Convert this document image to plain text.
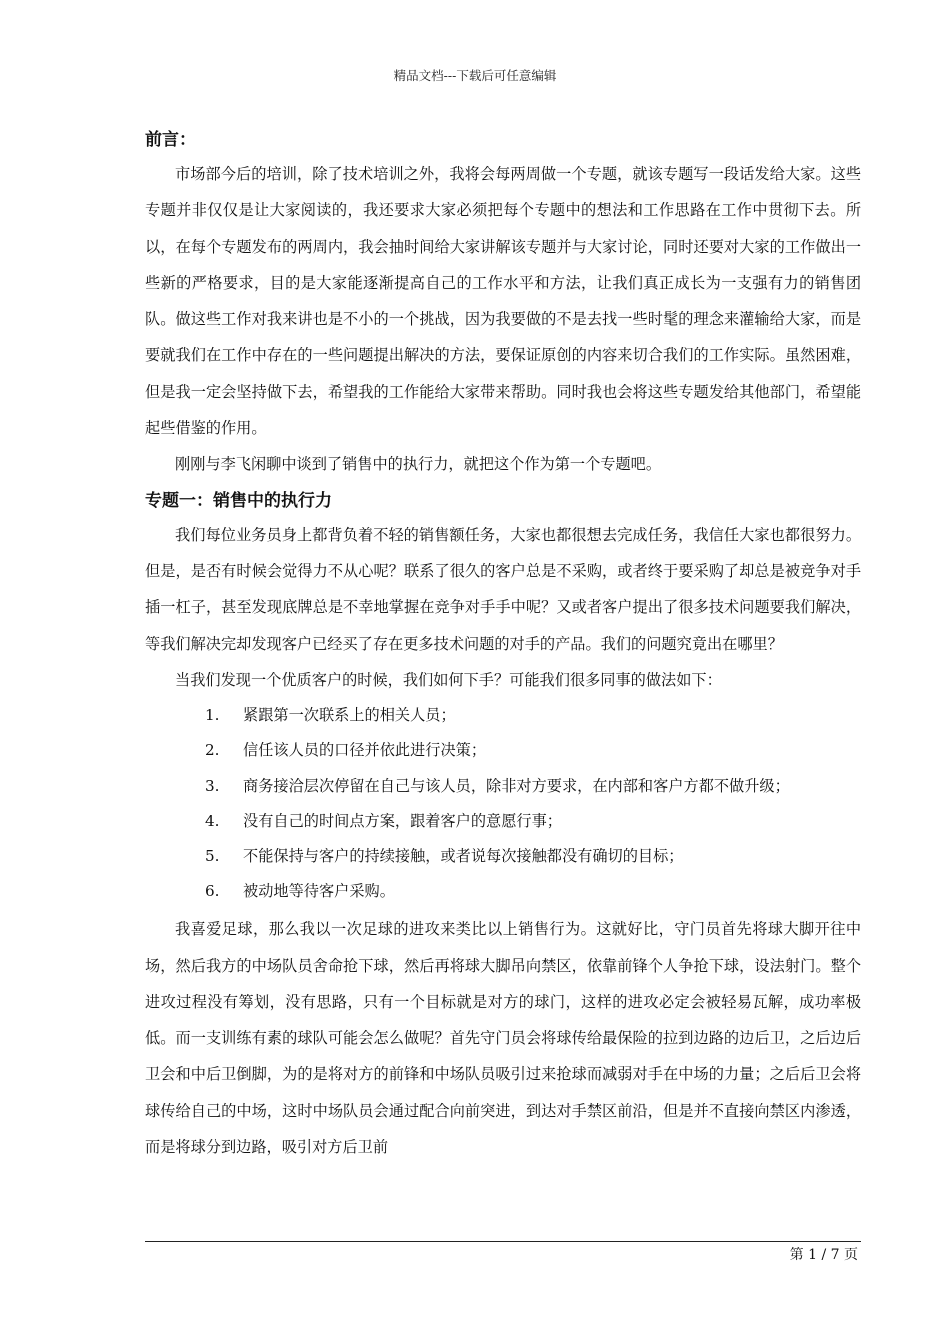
精品文档---下载后可任意编辑
前言：

市场部今后的培训，除了技术培训之外，我将会每两周做一个专题，就该专题写一段话发给大家。这些专题并非仅仅是让大家阅读的，我还要求大家必须把每个专题中的想法和工作思路在工作中贯彻下去。所以，在每个专题发布的两周内，我会抽时间给大家讲解该专题并与大家讨论，同时还要对大家的工作做出一些新的严格要求，目的是大家能逐渐提高自己的工作水平和方法，让我们真正成长为一支强有力的销售团队。做这些工作对我来讲也是不小的一个挑战，因为我要做的不是去找一些时髦的理念来灌输给大家，而是要就我们在工作中存在的一些问题提出解决的方法，要保证原创的内容来切合我们的工作实际。虽然困难，但是我一定会坚持做下去，希望我的工作能给大家带来帮助。同时我也会将这些专题发给其他部门，希望能起些借鉴的作用。

刚刚与李飞闲聊中谈到了销售中的执行力，就把这个作为第一个专题吧。

专题一：销售中的执行力

我们每位业务员身上都背负着不轻的销售额任务，大家也都很想去完成任务，我信任大家也都很努力。但是，是否有时候会觉得力不从心呢？联系了很久的客户总是不采购，或者终于要采购了却总是被竞争对手插一杠子，甚至发现底牌总是不幸地掌握在竞争对手手中呢？又或者客户提出了很多技术问题要我们解决，等我们解决完却发现客户已经买了存在更多技术问题的对手的产品。我们的问题究竟出在哪里？

当我们发现一个优质客户的时候，我们如何下手？可能我们很多同事的做法如下：

1. 紧跟第一次联系上的相关人员；
2. 信任该人员的口径并依此进行决策；
3. 商务接洽层次停留在自己与该人员，除非对方要求，在内部和客户方都不做升级；
4. 没有自己的时间点方案，跟着客户的意愿行事；
5. 不能保持与客户的持续接触，或者说每次接触都没有确切的目标；
6. 被动地等待客户采购。

我喜爱足球，那么我以一次足球的进攻来类比以上销售行为。这就好比，守门员首先将球大脚开往中场，然后我方的中场队员舍命抢下球，然后再将球大脚吊向禁区，依靠前锋个人争抢下球，设法射门。整个进攻过程没有筹划，没有思路，只有一个目标就是对方的球门，这样的进攻必定会被轻易瓦解，成功率极低。而一支训练有素的球队可能会怎么做呢？首先守门员会将球传给最保险的拉到边路的边后卫，之后边后卫会和中后卫倒脚，为的是将对方的前锋和中场队员吸引过来抢球而减弱对手在中场的力量；之后后卫会将球传给自己的中场，这时中场队员会通过配合向前突进，到达对手禁区前沿，但是并不直接向禁区内渗透，而是将球分到边路，吸引对方后卫前

第 1 / 7 页
